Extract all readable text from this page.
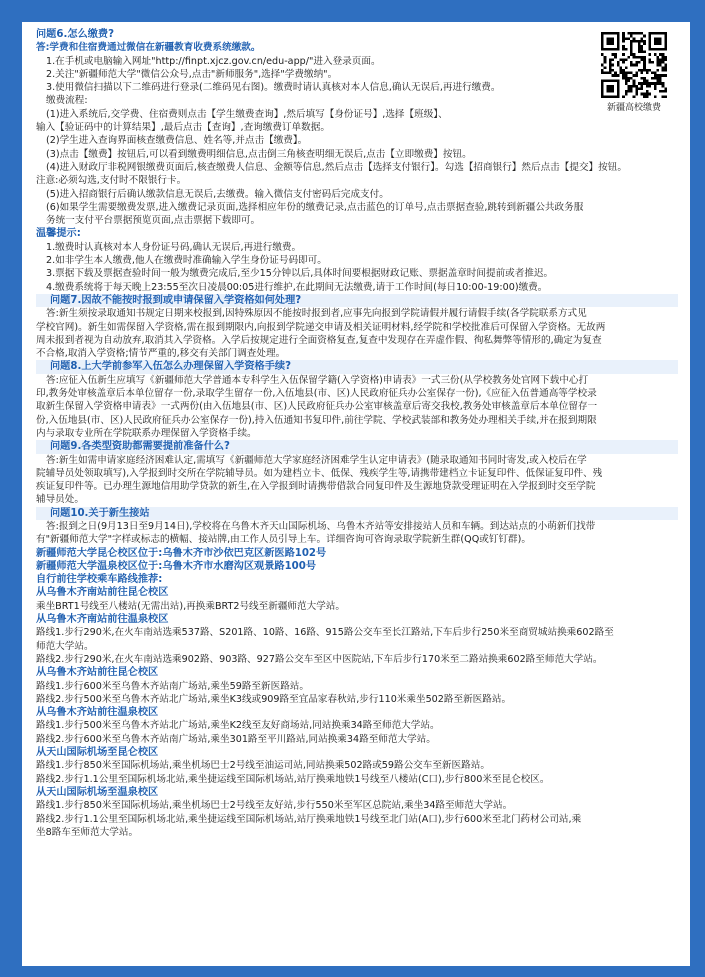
新疆高校缴费

问题6.怎么缴费?

答:学费和住宿费通过微信在新疆教育收费系统缴款。

1.在手机或电脑输入网址"http://finpt.xjcz.gov.cn/edu-app/"进入登录页面。

2.关注"新疆师范大学"微信公众号,点击"新师服务",选择"学费缴纳"。

3.使用微信扫描以下二维码进行登录(二维码见右图)。缴费时请认真核对本人信息,确认无误后,再进行缴费。

缴费流程:

(1)进入系统后,交学费、住宿费则点击【学生缴费查询】,然后填写【身份证号】,选择【班级】、

输入【验证码中的计算结果】,最后点击【查询】,查询缴费订单数据。

(2)学生进入查询界面核查缴费信息、姓名等,并点击【缴费】。

(3)点击【缴费】按钮后,可以看到缴费明细信息,点击倒三角核查明细无误后,点击【立即缴费】按钮。

(4)进入财政厅非税网银缴费页面后,核查缴费人信息、金额等信息,然后点击【选择支付银行】。勾选【招商银行】然后点击【提交】按钮。

注意:必须勾选,支付时不限银行卡。

(5)进入招商银行后确认缴款信息无误后,去缴费。输入微信支付密码后完成支付。

(6)如果学生需要缴费发票,进入缴费记录页面,选择相应年份的缴费记录,点击蓝色的订单号,点击票据查验,跳转到新疆公共政务服

务统一支付平台票据预览页面,点击票据下载即可。

温馨提示:

1.缴费时认真核对本人身份证号码,确认无误后,再进行缴费。

2.如非学生本人缴费,他人在缴费时准确输入学生身份证号码即可。

3.票据下载及票据查验时间一般为缴费完成后,至少15分钟以后,具体时间要根据财政记账、票据盖章时间提前或者推迟。

4.缴费系统将于每天晚上23:55至次日凌晨00:05进行维护,在此期间无法缴费,请于工作时间(每日10:00-19:00)缴费。

问题7.因故不能按时报到或申请保留入学资格如何处理?

答:新生须按录取通知书规定日期来校报到,因特殊原因不能按时报到者,应事先向报到学院请假并履行请假手续(各学院联系方式见

学校官网)。新生如需保留入学资格,需在报到期限内,向报到学院递交申请及相关证明材料,经学院和学校批准后可保留入学资格。无故两

周未报到者视为自动放弃,取消其入学资格。入学后按规定进行全面资格复查,复查中发现存在弄虚作假、徇私舞弊等情形的,确定为复查

不合格,取消入学资格;情节严重的,移交有关部门调查处理。

问题8.上大学前参军入伍怎么办理保留入学资格手续?

答:应征入伍新生应填写《新疆师范大学普通本专科学生入伍保留学籍(入学资格)申请表》一式三份(从学校教务处官网下载中心打

印,教务处审核盖章后本单位留存一份,录取学生留存一份,入伍地县(市、区)人民政府征兵办公室保存一份),《应征入伍普通高等学校录

取新生保留入学资格申请表》一式两份(由入伍地县(市、区)人民政府征兵办公室审核盖章后寄交我校,教务处审核盖章后本单位留存一

份,入伍地县(市、区)人民政府征兵办公室保存一份),持入伍通知书复印件,前往学院、学校武装部和教务处办理相关手续,并在报到期限

内与录取专业所在学院联系办理保留入学资格手续。

问题9.各类型资助都需要提前准备什么?

答:新生如需申请家庭经济困难认定,需填写《新疆师范大学家庭经济困难学生认定申请表》(随录取通知书同时寄发,或入校后在学

院辅导员处领取填写),入学报到时交所在学院辅导员。如为建档立卡、低保、残疾学生等,请携带建档立卡证复印件、低保证复印件、残

疾证复印件等。已办理生源地信用助学贷款的新生,在入学报到时请携带借款合同复印件及生源地贷款受理证明在入学报到时交至学院

辅导员处。

问题10.关于新生接站

答:报到之日(9月13日至9月14日),学校将在乌鲁木齐天山国际机场、乌鲁木齐站等安排接站人员和车辆。到达站点的小萌新们找带

有"新疆师范大学"字样或标志的横幅、接站牌,由工作人员引导上车。详细咨询可咨询录取学院新生群(QQ或钉钉群)。

新疆师范大学昆仑校区位于:乌鲁木齐市沙依巴克区新医路102号

新疆师范大学温泉校区位于:乌鲁木齐市水磨沟区观景路100号

自行前往学校乘车路线推荐:

从乌鲁木齐南站前往昆仑校区

乘坐BRT1号线至八楼站(无需出站),再换乘BRT2号线至新疆师范大学站。

从乌鲁木齐南站前往温泉校区

路线1.步行290米,在火车南站选乘537路、S201路、10路、16路、915路公交车至长江路站,下车后步行250米至商贸城站换乘602路至

师范大学站。

路线2.步行290米,在火车南站选乘902路、903路、927路公交车至区中医院站,下车后步行170米至二路站换乘602路至师范大学站。

从乌鲁木齐站前往昆仑校区

路线1.步行600米至乌鲁木齐站南广场站,乘坐59路至新医路站。

路线2.步行500米至乌鲁木齐站北广场站,乘坐K3线或909路至宜品家春秋站,步行110米乘坐502路至新医路站。

从乌鲁木齐站前往温泉校区

路线1.步行500米至乌鲁木齐站北广场站,乘坐K2线至友好商场站,同站换乘34路至师范大学站。

路线2.步行600米至乌鲁木齐站南广场站,乘坐301路至平川路站,同站换乘34路至师范大学站。

从天山国际机场至昆仑校区

路线1.步行850米至国际机场站,乘坐机场巴士2号线至油运司站,同站换乘502路或59路公交车至新医路站。

路线2.步行1.1公里至国际机场北站,乘坐捷运线至国际机场站,站厅换乘地铁1号线至八楼站(C口),步行800米至昆仑校区。

从天山国际机场至温泉校区

路线1.步行850米至国际机场站,乘坐机场巴士2号线至友好站,步行550米至军区总院站,乘坐34路至师范大学站。

路线2.步行1.1公里至国际机场北站,乘坐捷运线至国际机场站,站厅换乘地铁1号线至北门站(A口),步行600米至北门药材公司站,乘

坐8路车至师范大学站。
